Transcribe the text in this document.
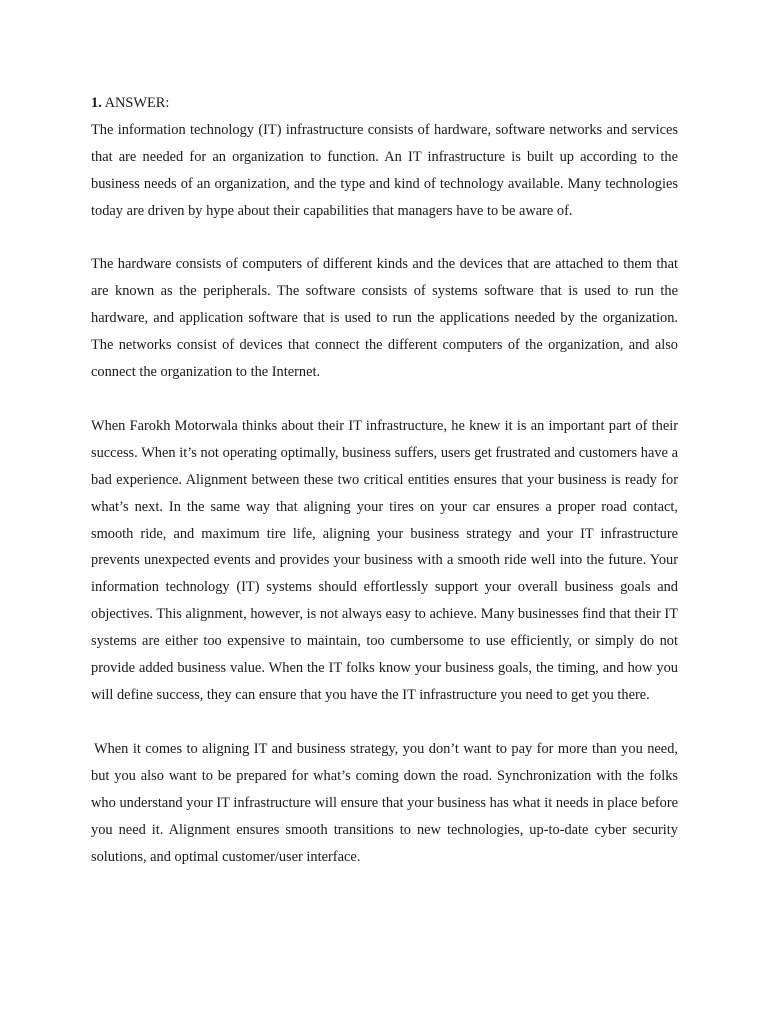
1. ANSWER:

The information technology (IT) infrastructure consists of hardware, software networks and services that are needed for an organization to function. An IT infrastructure is built up according to the business needs of an organization, and the type and kind of technology available. Many technologies today are driven by hype about their capabilities that managers have to be aware of.

The hardware consists of computers of different kinds and the devices that are attached to them that are known as the peripherals. The software consists of systems software that is used to run the hardware, and application software that is used to run the applications needed by the organization. The networks consist of devices that connect the different computers of the organization, and also connect the organization to the Internet.

When Farokh Motorwala thinks about their IT infrastructure, he knew it is an important part of their success. When it’s not operating optimally, business suffers, users get frustrated and customers have a bad experience. Alignment between these two critical entities ensures that your business is ready for what’s next. In the same way that aligning your tires on your car ensures a proper road contact, smooth ride, and maximum tire life, aligning your business strategy and your IT infrastructure prevents unexpected events and provides your business with a smooth ride well into the future. Your information technology (IT) systems should effortlessly support your overall business goals and objectives. This alignment, however, is not always easy to achieve. Many businesses find that their IT systems are either too expensive to maintain, too cumbersome to use efficiently, or simply do not provide added business value. When the IT folks know your business goals, the timing, and how you will define success, they can ensure that you have the IT infrastructure you need to get you there.

When it comes to aligning IT and business strategy, you don’t want to pay for more than you need, but you also want to be prepared for what’s coming down the road. Synchronization with the folks who understand your IT infrastructure will ensure that your business has what it needs in place before you need it. Alignment ensures smooth transitions to new technologies, up-to-date cyber security solutions, and optimal customer/user interface.
